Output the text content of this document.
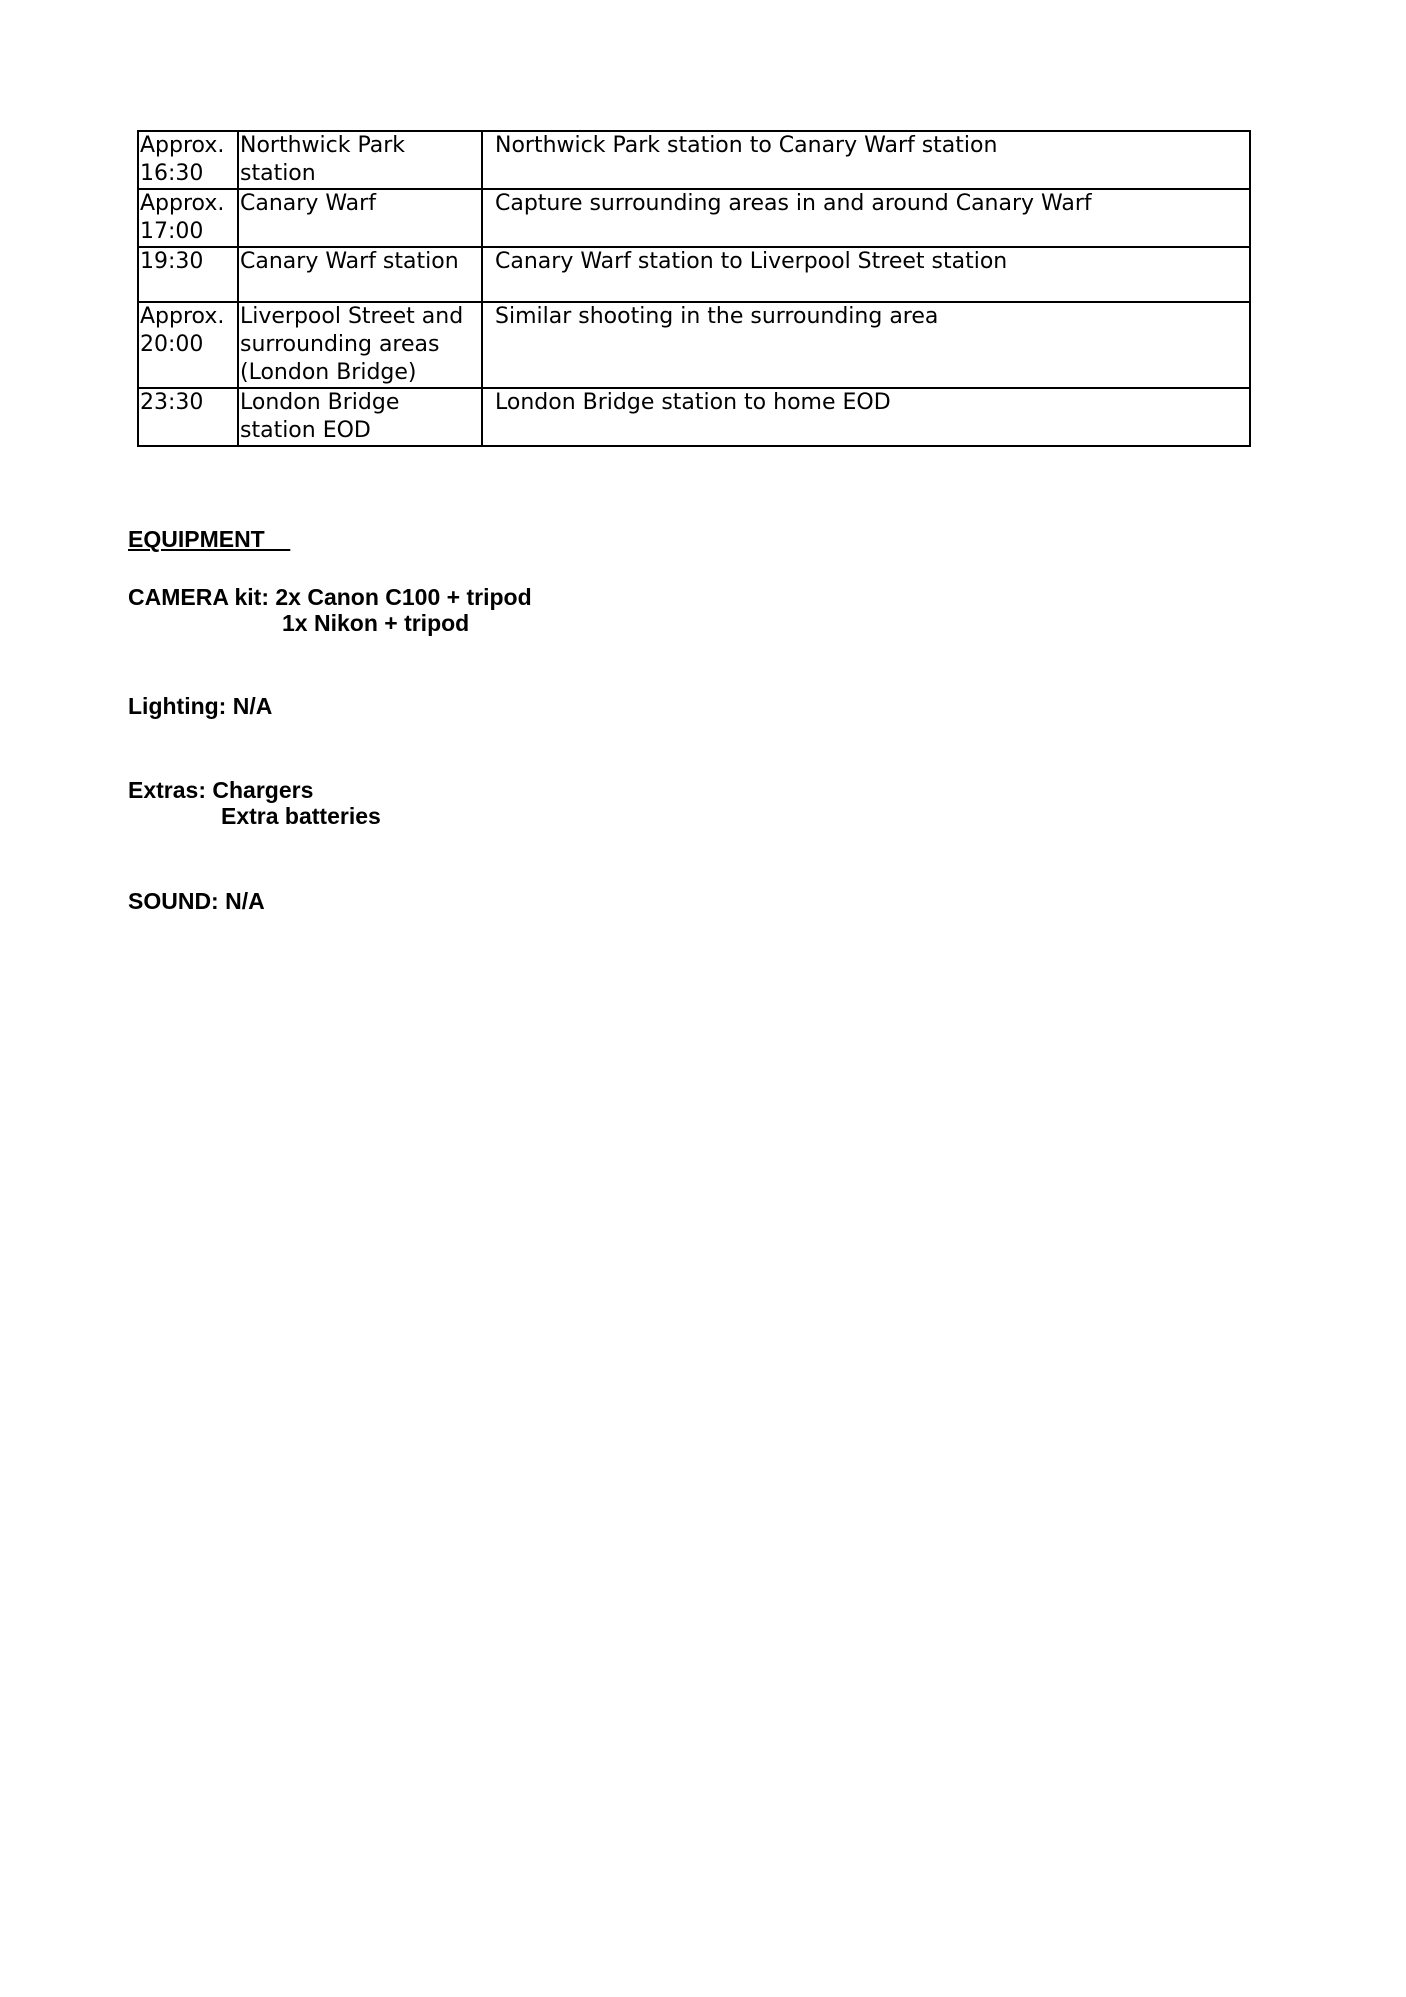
Approx. 16:30	Northwick Park station	Northwick Park station to Canary Warf station
Approx. 17:00	Canary Warf	Capture surrounding areas in and around Canary Warf
19:30	Canary Warf station	Canary Warf station to Liverpool Street station
Approx. 20:00	Liverpool Street and surrounding areas (London Bridge)	Similar shooting in the surrounding area
23:30	London Bridge station EOD	London Bridge station to home EOD
EQUIPMENT
CAMERA kit: 2x Canon C100 + tripod
1x Nikon + tripod
Lighting: N/A
Extras: Chargers
Extra batteries
SOUND: N/A
